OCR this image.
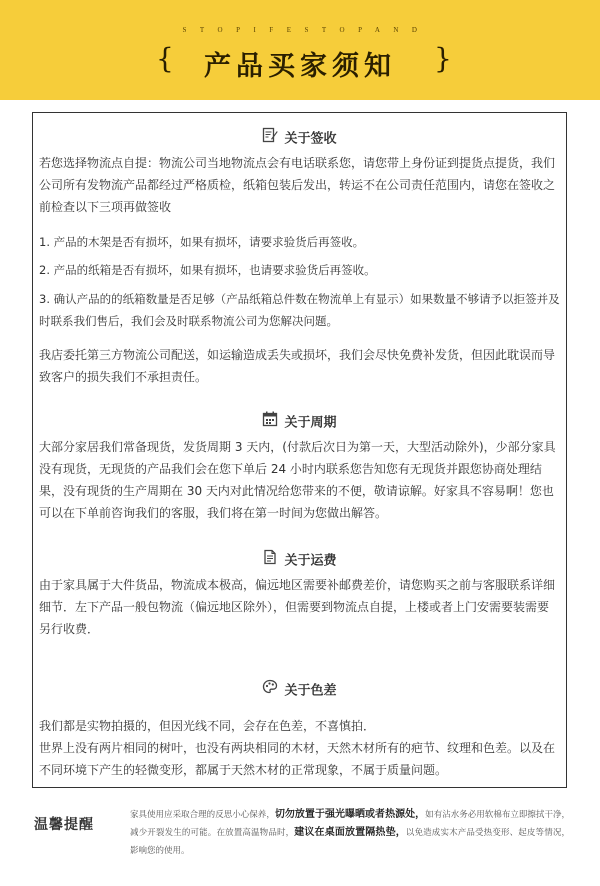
STOPIFESTOPAND
{	产品买家须知	}
关于签收

若您选择物流点自提：物流公司当地物流点会有电话联系您，请您带上身份证到提货点提货，我们公司所有发物流产品都经过严格质检，纸箱包装后发出，转运不在公司责任范围内，请您在签收之前检查以下三项再做签收

1. 产品的木架是否有损坏，如果有损坏，请要求验货后再签收。

2. 产品的纸箱是否有损坏，如果有损坏，也请要求验货后再签收。

3. 确认产品的的纸箱数量是否足够（产品纸箱总件数在物流单上有显示）如果数量不够请予以拒签并及时联系我们售后，我们会及时联系物流公司为您解决问题。

我店委托第三方物流公司配送，如运输造成丢失或损坏，我们会尽快免费补发货，但因此耽误而导致客户的损失我们不承担责任。

关于周期

大部分家居我们常备现货，发货周期 3 天内，(付款后次日为第一天，大型活动除外)，少部分家具没有现货，无现货的产品我们会在您下单后 24 小时内联系您告知您有无现货并跟您协商处理结果，没有现货的生产周期在 30 天内对此情况给您带来的不便，敬请谅解。好家具不容易啊！您也可以在下单前咨询我们的客服，我们将在第一时间为您做出解答。

关于运费

由于家具属于大件货品，物流成本极高，偏远地区需要补邮费差价，请您购买之前与客服联系详细细节．左下产品一般包物流（偏远地区除外），但需要到物流点自提，上楼或者上门安需要装需要另行收费．

关于色差

我们都是实物拍摄的，但因光线不同，会存在色差，不喜慎拍．

世界上没有两片相同的树叶，也没有两块相同的木材，天然木材所有的疤节、纹理和色差。以及在不同环境下产生的轻微变形，都属于天然木材的正常现象，不属于质量问题。

温馨提醒
家具使用应采取合理的反思小心保养，切勿放置于强光曝晒或者热源处，如有沾水务必用软棉布立即擦拭干净，减少开裂发生的可能。在放置高温物品时，建议在桌面放置隔热垫，以免造成实木产品受热变形、起皮等情况，影响您的使用。
